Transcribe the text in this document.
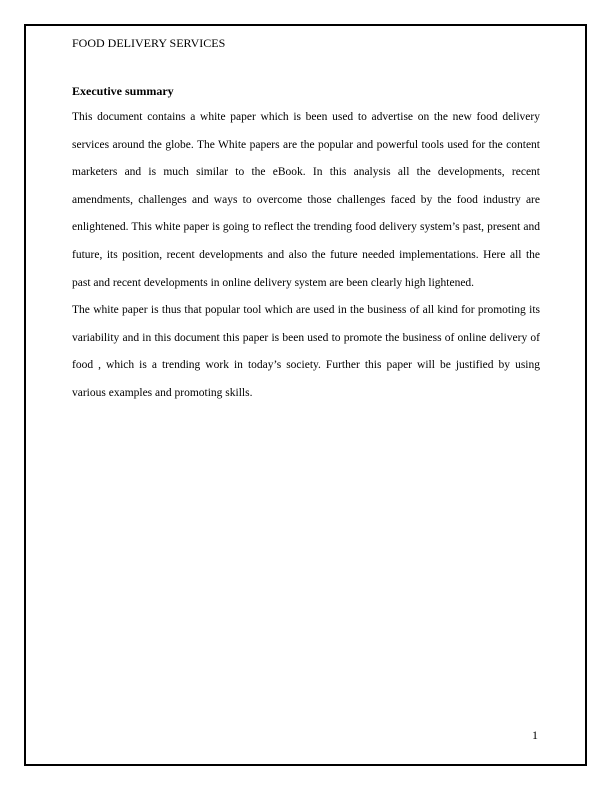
FOOD DELIVERY SERVICES
Executive summary

This document contains a white paper which is been used to advertise on the new food delivery services around the globe. The White papers are the popular and powerful tools used for the content marketers and is much similar to the eBook. In this analysis all the developments, recent amendments, challenges and ways to overcome those challenges faced by the food industry are enlightened. This white paper is going to reflect the trending food delivery system’s past, present and future, its position, recent developments and also the future needed implementations. Here all the past and recent developments in online delivery system are been clearly high lightened.

The white paper is thus that popular tool which are used in the business of all kind for promoting its variability and in this document this paper is been used to promote the business of online delivery of food , which is a trending work in today’s society. Further this paper will be justified by using various examples and promoting skills.

1
